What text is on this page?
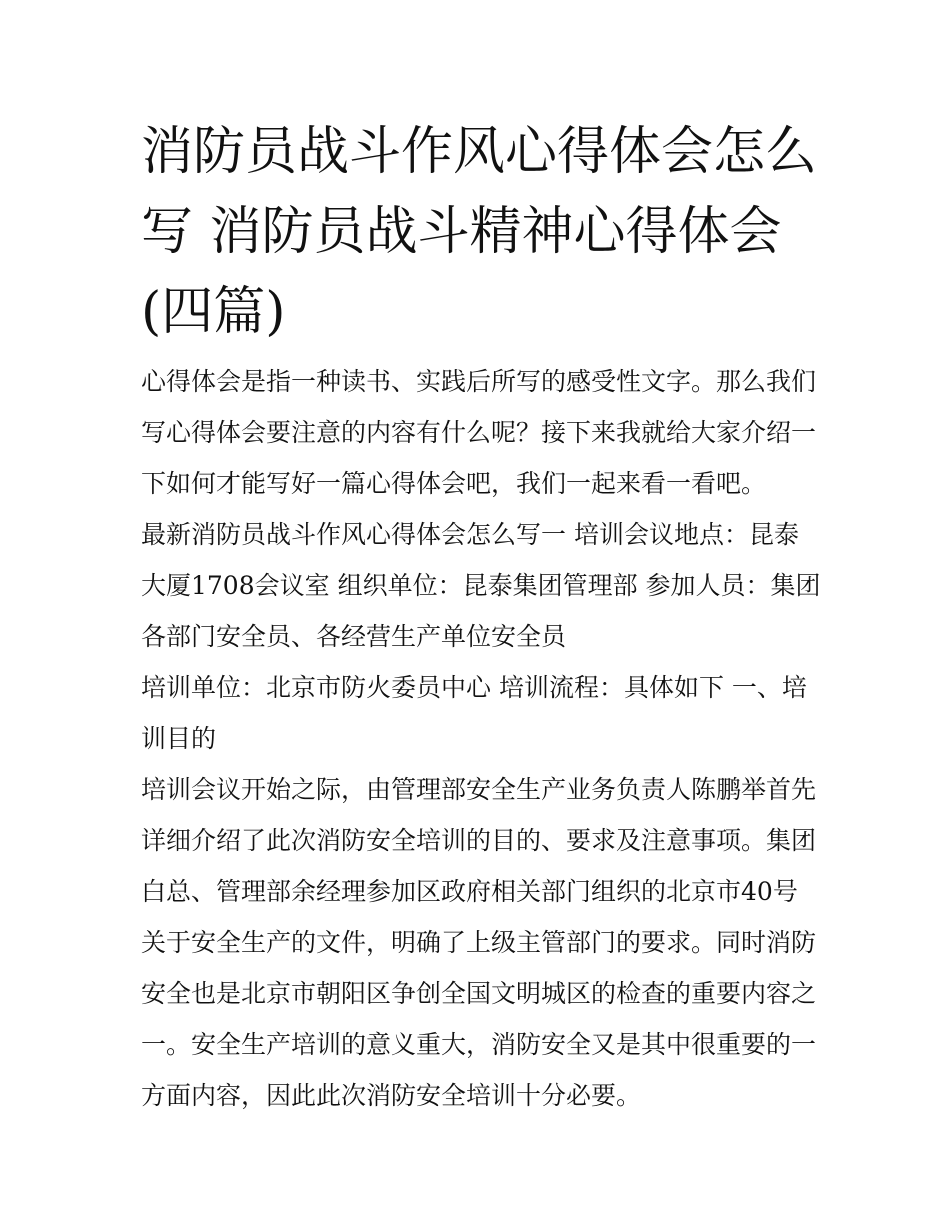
消防员战斗作风心得体会怎么写 消防员战斗精神心得体会(四篇)

心得体会是指一种读书、实践后所写的感受性文字。那么我们写心得体会要注意的内容有什么呢？接下来我就给大家介绍一下如何才能写好一篇心得体会吧，我们一起来看一看吧。

最新消防员战斗作风心得体会怎么写一 培训会议地点：昆泰大厦1708会议室 组织单位：昆泰集团管理部 参加人员：集团各部门安全员、各经营生产单位安全员

培训单位：北京市防火委员中心 培训流程：具体如下 一、培训目的

培训会议开始之际，由管理部安全生产业务负责人陈鹏举首先详细介绍了此次消防安全培训的目的、要求及注意事项。集团白总、管理部余经理参加区政府相关部门组织的北京市40号关于安全生产的文件，明确了上级主管部门的要求。同时消防安全也是北京市朝阳区争创全国文明城区的检查的重要内容之一。安全生产培训的意义重大，消防安全又是其中很重要的一方面内容，因此此次消防安全培训十分必要。
